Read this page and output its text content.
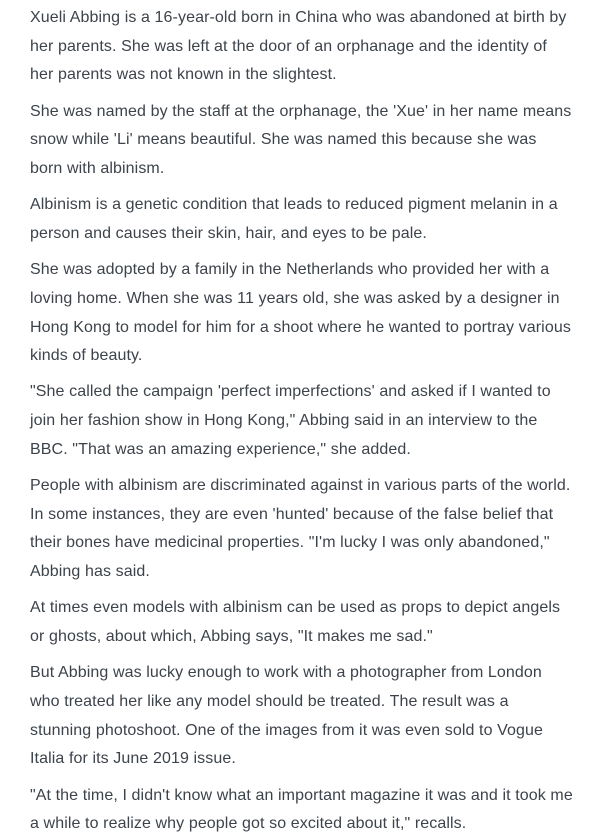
Xueli Abbing is a 16-year-old born in China who was abandoned at birth by her parents. She was left at the door of an orphanage and the identity of her parents was not known in the slightest.

She was named by the staff at the orphanage, the 'Xue' in her name means snow while 'Li' means beautiful. She was named this because she was born with albinism.

Albinism is a genetic condition that leads to reduced pigment melanin in a person and causes their skin, hair, and eyes to be pale.

She was adopted by a family in the Netherlands who provided her with a loving home. When she was 11 years old, she was asked by a designer in Hong Kong to model for him for a shoot where he wanted to portray various kinds of beauty.

"She called the campaign 'perfect imperfections' and asked if I wanted to join her fashion show in Hong Kong," Abbing said in an interview to the BBC. "That was an amazing experience," she added.

People with albinism are discriminated against in various parts of the world. In some instances, they are even 'hunted' because of the false belief that their bones have medicinal properties. "I'm lucky I was only abandoned," Abbing has said.

At times even models with albinism can be used as props to depict angels or ghosts, about which, Abbing says, "It makes me sad."

But Abbing was lucky enough to work with a photographer from London who treated her like any model should be treated. The result was a stunning photoshoot. One of the images from it was even sold to Vogue Italia for its June 2019 issue.

"At the time, I didn't know what an important magazine it was and it took me a while to realize why people got so excited about it," recalls.
